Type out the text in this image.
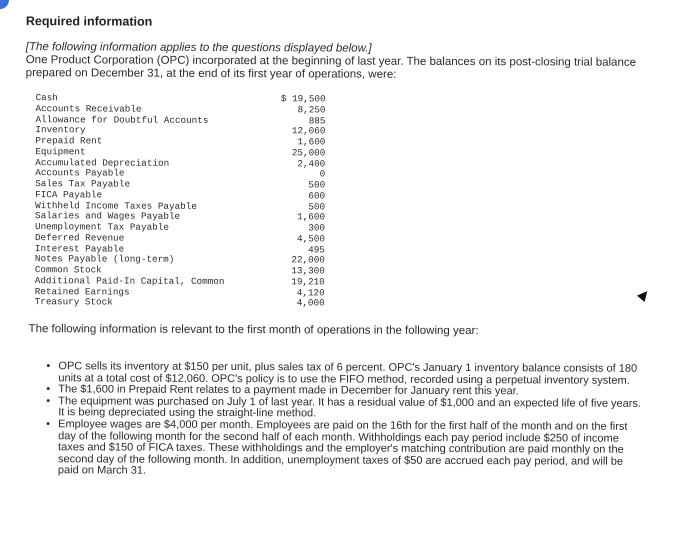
Required information
[The following information applies to the questions displayed below.]
One Product Corporation (OPC) incorporated at the beginning of last year. The balances on its post-closing trial balance prepared on December 31, at the end of its first year of operations, were:
Cash	$ 19,500
Accounts Receivable	8,250
Allowance for Doubtful Accounts	885
Inventory	12,060
Prepaid Rent	1,600
Equipment	25,000
Accumulated Depreciation	2,400
Accounts Payable	0
Sales Tax Payable	500
FICA Payable	600
Withheld Income Taxes Payable	500
Salaries and Wages Payable	1,600
Unemployment Tax Payable	300
Deferred Revenue	4,500
Interest Payable	495
Notes Payable (long-term)	22,000
Common Stock	13,300
Additional Paid-In Capital, Common	19,210
Retained Earnings	4,120
Treasury Stock	4,000
The following information is relevant to the first month of operations in the following year:
• OPC sells its inventory at $150 per unit, plus sales tax of 6 percent. OPC's January 1 inventory balance consists of 180 units at a total cost of $12,060. OPC's policy is to use the FIFO method, recorded using a perpetual inventory system.
• The $1,600 in Prepaid Rent relates to a payment made in December for January rent this year.
• The equipment was purchased on July 1 of last year. It has a residual value of $1,000 and an expected life of five years. It is being depreciated using the straight-line method.
• Employee wages are $4,000 per month. Employees are paid on the 16th for the first half of the month and on the first day of the following month for the second half of each month. Withholdings each pay period include $250 of income taxes and $150 of FICA taxes. These withholdings and the employer's matching contribution are paid monthly on the second day of the following month. In addition, unemployment taxes of $50 are accrued each pay period, and will be paid on March 31.
